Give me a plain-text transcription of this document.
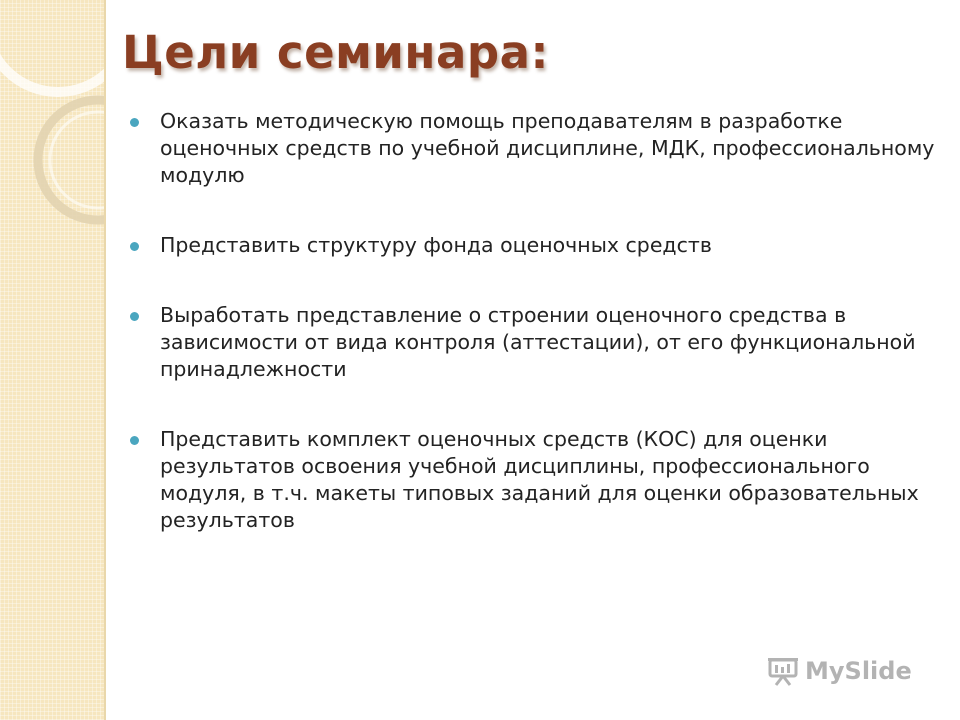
Цели семинара:
Оказать методическую помощь преподавателям в разработке оценочных средств по учебной дисциплине, МДК, профессиональному модулю
Представить структуру фонда оценочных средств
Выработать представление о строении оценочного средства в зависимости от вида контроля (аттестации), от его функциональной принадлежности
Представить комплект оценочных средств (КОС) для оценки результатов освоения учебной дисциплины, профессионального модуля, в т.ч. макеты типовых заданий для оценки образовательных результатов
MySlide
